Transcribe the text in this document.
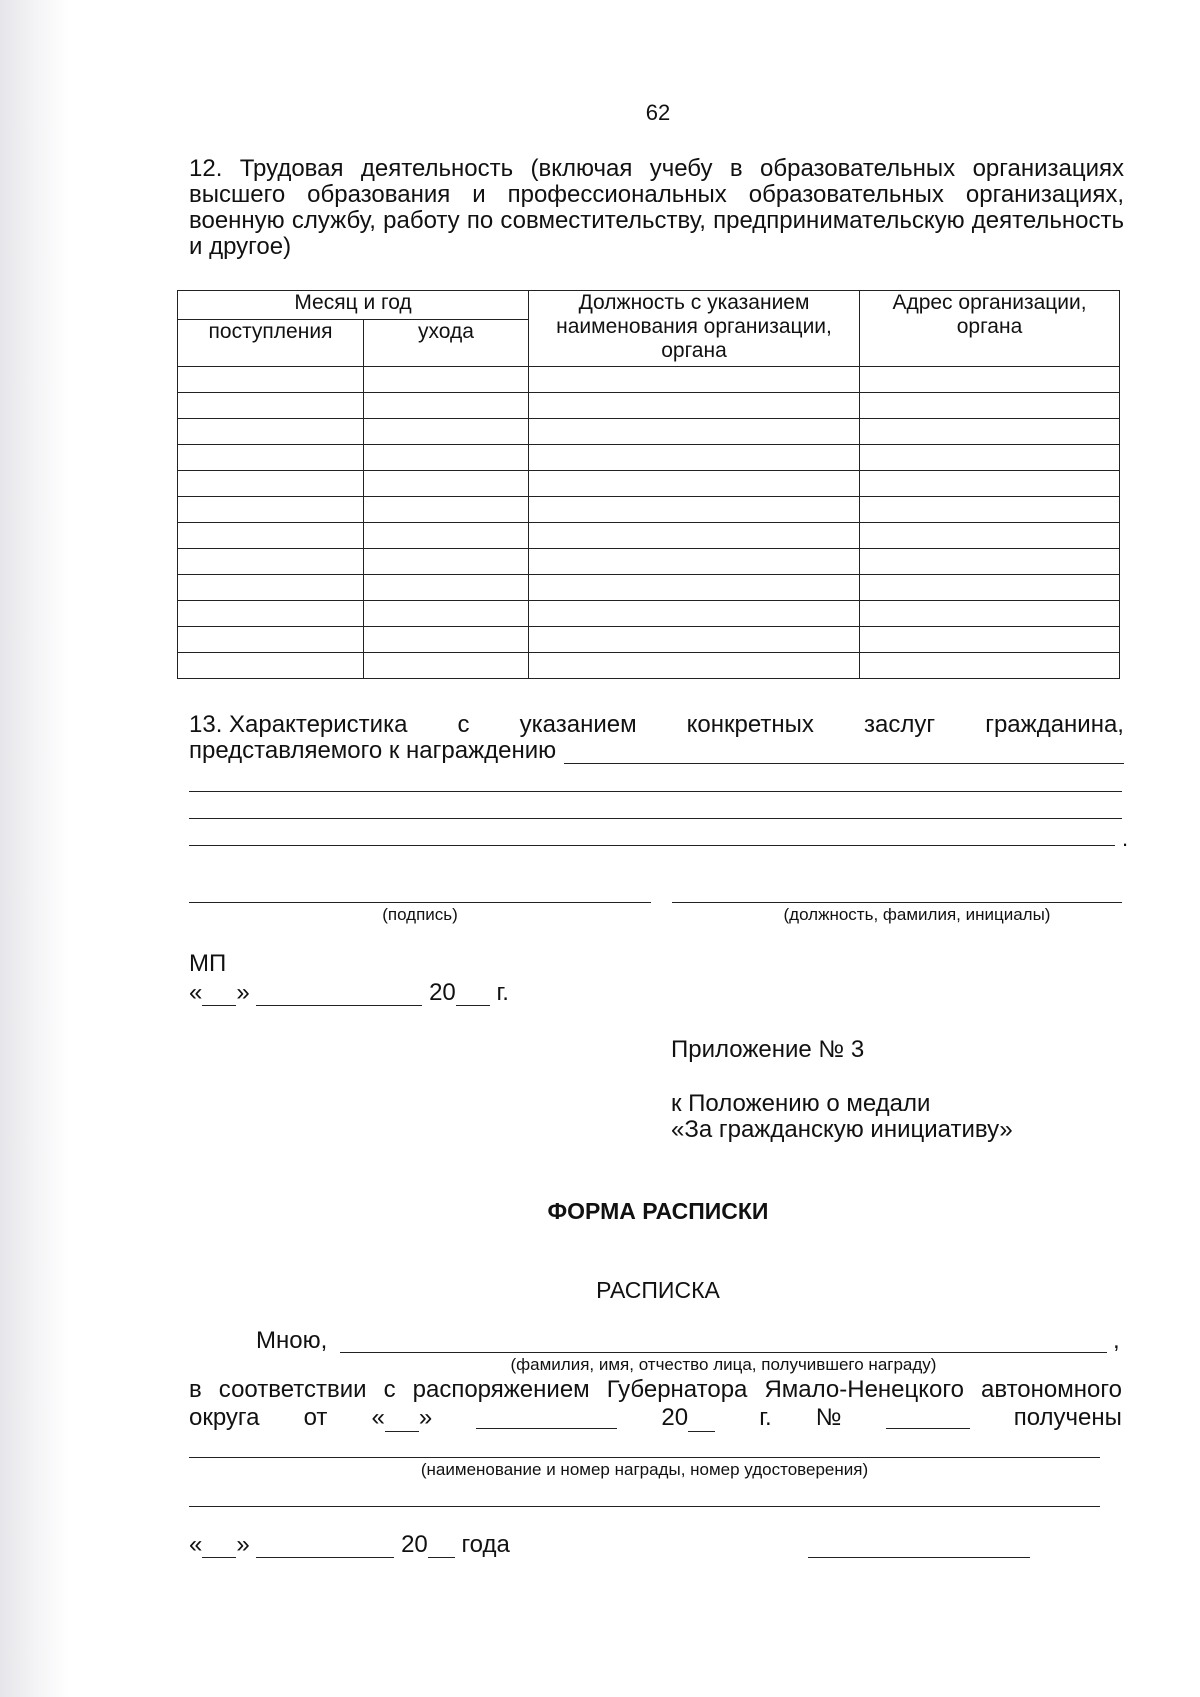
62
12. Трудовая деятельность (включая учебу в образовательных организациях высшего образования и профессиональных образовательных организациях, военную службу, работу по совместительству, предпринимательскую деятельность и другое)
Месяц и год		Должность с указанием наименования организации, органа	Адрес организации, органа
поступления	ухода		

13. Характеристика с указанием конкретных заслуг гражданина,
представляемого к награждению
.
(подпись)	(должность, фамилия, инициалы)
МП
« »	20 г.
Приложение № 3
к Положению о медали
«За гражданскую инициативу»
ФОРМА РАСПИСКИ
РАСПИСКА
Мною,	,
(фамилия, имя, отчество лица, получившего награду)
в соответствии с распоряжением Губернатора Ямало-Ненецкого автономного
округа от « »	20	г. №	получены
(наименование и номер награды, номер удостоверения)
« »	20 года
